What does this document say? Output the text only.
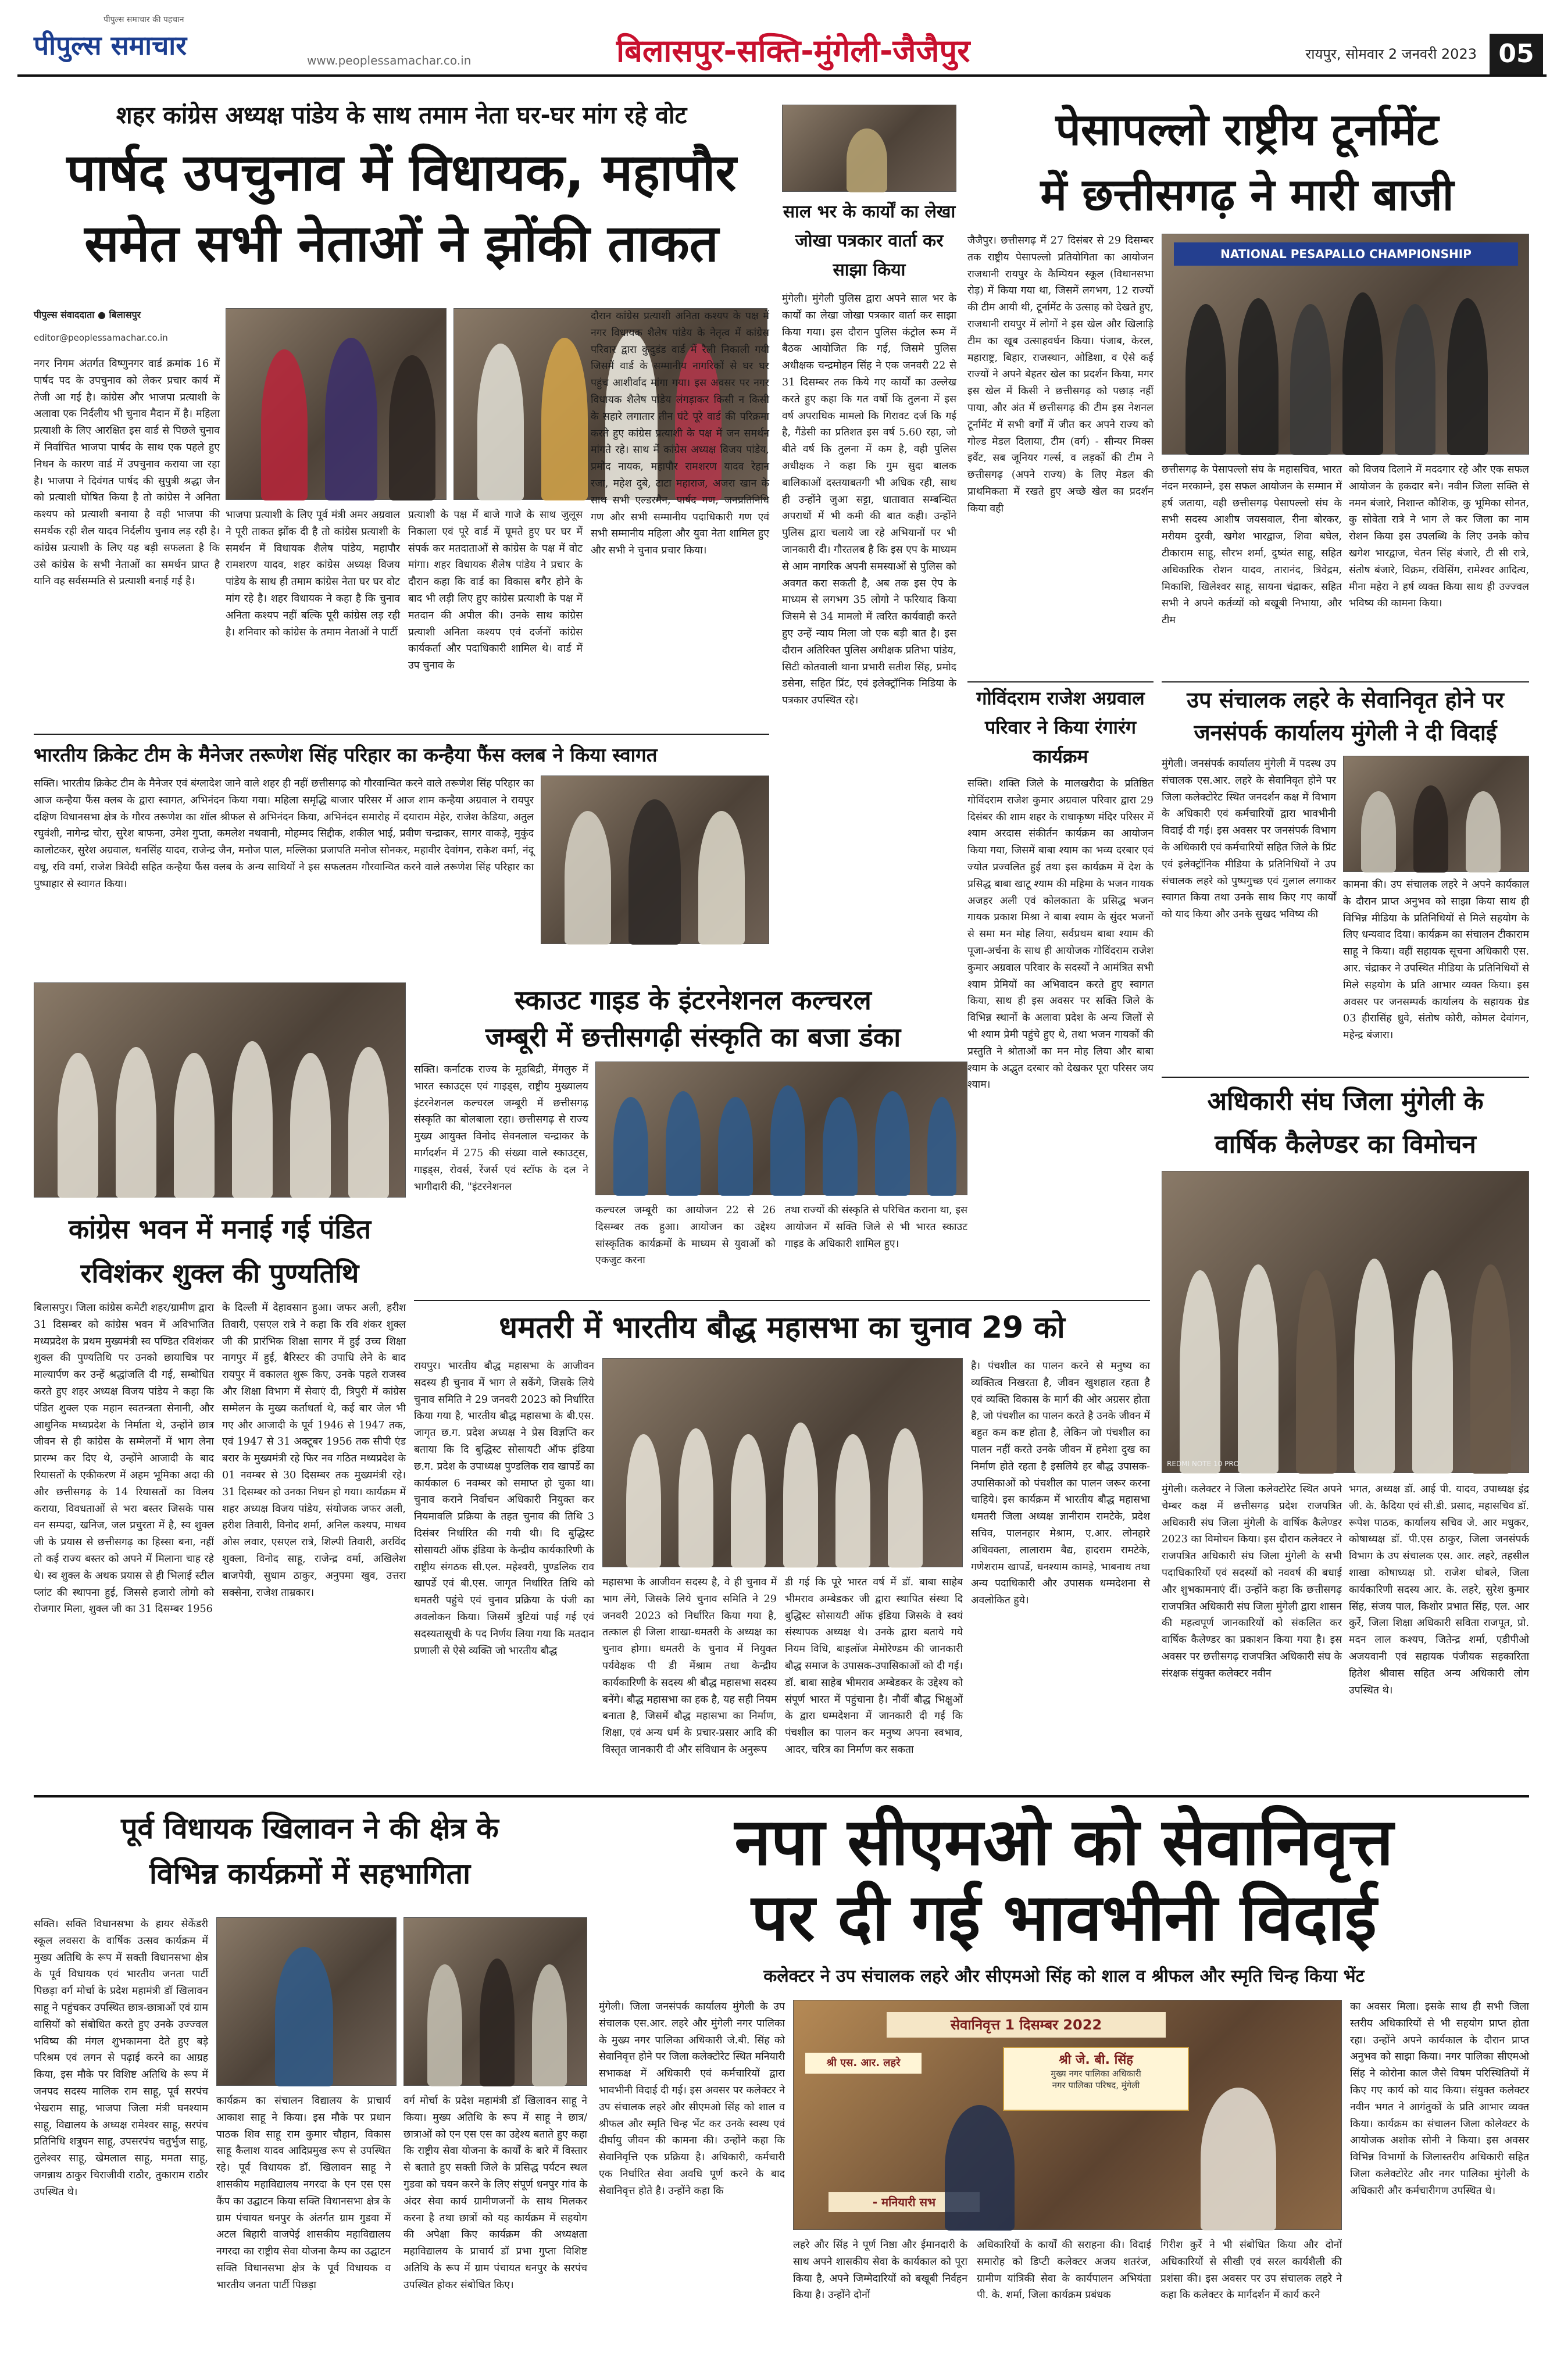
पीपुल्स समाचार
पीपुल्स समाचार की पहचान
www.peoplessamachar.co.in	बिलासपुर-सक्ति-मुंगेली-जैजैपुर	रायपुर, सोमवार 2 जनवरी 2023 05
शहर कांग्रेस अध्यक्ष पांडेय के साथ तमाम नेता घर-घर मांग रहे वोट
पार्षद उपचुनाव में विधायक, महापौर
समेत सभी नेताओं ने झोंकी ताकत
पीपुल्स संवाददाता ● बिलासपुर
editor@peoplessamachar.co.in
नगर निगम अंतर्गत विष्णुनगर वार्ड क्रमांक 16 में पार्षद पद के उपचुनाव को लेकर प्रचार कार्य में तेजी आ गई है। कांग्रेस और भाजपा प्रत्याशी के अलावा एक निर्दलीय भी चुनाव मैदान में है। महिला प्रत्याशी के लिए आरक्षित इस वार्ड से पिछले चुनाव में निर्वाचित भाजपा पार्षद के साथ एक पहले हुए निधन के कारण वार्ड में उपचुनाव कराया जा रहा है। भाजपा ने दिवंगत पार्षद की सुपुत्री श्रद्धा जैन को प्रत्याशी घोषित किया है तो कांग्रेस ने अनिता कश्यप को प्रत्याशी बनाया है वही भाजपा की समर्थक रही शैल यादव निर्दलीय चुनाव लड़ रही है। कांग्रेस प्रत्याशी के लिए यह बड़ी सफलता है कि उसे कांग्रेस के सभी नेताओं का समर्थन प्राप्त है यानि वह सर्वसम्मति से प्रत्याशी बनाई गई है।
भाजपा प्रत्याशी के लिए पूर्व मंत्री अमर अग्रवाल ने पूरी ताकत झोंक दी है तो कांग्रेस प्रत्याशी के समर्थन में विधायक शैलेष पांडेय, महापौर रामशरण यादव, शहर कांग्रेस अध्यक्ष विजय पांडेय के साथ ही तमाम कांग्रेस नेता घर घर वोट मांग रहे है। शहर विधायक ने कहा है कि चुनाव अनिता कश्यप नहीं बल्कि पूरी कांग्रेस लड़ रही है। शनिवार को कांग्रेस के तमाम नेताओं ने पार्टी
प्रत्याशी के पक्ष में बाजे गाजे के साथ जुलूस निकाला एवं पूरे वार्ड में घूमते हुए घर घर में संपर्क कर मतदाताओं से कांग्रेस के पक्ष में वोट मांगा। शहर विधायक शैलेष पांडेय ने प्रचार के दौरान कहा कि वार्ड का विकास बगैर होने के बाद भी लड़ी लिए हुए कांग्रेस प्रत्याशी के पक्ष में मतदान की अपील की। उनके साथ कांग्रेस प्रत्याशी अनिता कश्यप एवं दर्जनों कांग्रेस कार्यकर्ता और पदाधिकारी शामिल थे। वार्ड में उप चुनाव के
दौरान कांग्रेस प्रत्याशी अनिता कश्यप के पक्ष में नगर विधायक शैलेष पांडेय के नेतृत्व में कांग्रेस परिवार द्वारा कुदुडंड वार्ड में रैली निकाली गयी जिसमें वार्ड के सम्मानीय नागरिकों से घर घर पहुंच आशीर्वाद मांगा गया। इस अवसर पर नगर विधायक शैलेष पांडेय लंगड़ाकर किसी न किसी के सहारे लगातार तीन घंटे पूरे वार्ड की परिक्रमा करते हुए कांग्रेस प्रत्याशी के पक्ष में जन समर्थन मांगते रहे। साथ में कांग्रेस अध्यक्ष विजय पांडेय, प्रमोद नायक, महापौर रामशरण यादव रेहान रजा, महेश दुबे, टाटा महाराज, अजरा खान के साथ सभी एल्डरमैन, पार्षद गण, जनप्रतिनिधि गण और सभी सम्मानीय पदाधिकारी गण एवं सभी सम्मानीय महिला और युवा नेता शामिल हुए और सभी ने चुनाव प्रचार किया।
भारतीय क्रिकेट टीम के मैनेजर तरूणेश सिंह परिहार का कन्हैया फैंस क्लब ने किया स्वागत
सक्ति। भारतीय क्रिकेट टीम के मैनेजर एवं बंग्लादेश जाने वाले शहर ही नहीं छत्तीसगढ़ को गौरवान्वित करने वाले तरूणेश सिंह परिहार का आज कन्हैया फैंस क्लब के द्वारा स्वागत, अभिनंदन किया गया। महिला समृद्धि बाजार परिसर में आज शाम कन्हैया अग्रवाल ने रायपुर दक्षिण विधानसभा क्षेत्र के गौरव तरूणेश का शॉल श्रीफल से अभिनंदन किया, अभिनंदन समारोह में दयाराम मेहेर, राजेश केडिया, अतुल रघुवंशी, नागेन्द्र चोरा, सुरेश बाफना, उमेश गुप्ता, कमलेश नथवानी, मोहम्मद सिद्दीक, शकील भाई, प्रवीण चन्द्राकर, सागर वाकड़े, मुकुंद कालोटकर, सुरेश अग्रवाल, धनसिंह यादव, राजेन्द्र जैन, मनोज पाल, मल्लिका प्रजापति मनोज सोनकर, महावीर देवांगन, राकेश वर्मा, नंदू वधू, रवि वर्मा, राजेश त्रिवेदी सहित कन्हैया फैंस क्लब के अन्य साथियों ने इस सफलतम गौरवान्वित करने वाले तरूणेश सिंह परिहार का पुष्पाहार से स्वागत किया।
साल भर के कार्यों का लेखा जोखा पत्रकार वार्ता कर साझा किया
मुंगेली। मुंगेली पुलिस द्वारा अपने साल भर के कार्यों का लेखा जोखा पत्रकार वार्ता कर साझा किया गया। इस दौरान पुलिस कंट्रोल रूम में बैठक आयोजित कि गई, जिसमे पुलिस अधीक्षक चन्द्रमोहन सिंह ने एक जनवरी 22 से 31 दिसम्बर तक किये गए कार्यों का उल्लेख करते हुए कहा कि गत वर्षो कि तुलना में इस वर्ष अपराधिक मामलो कि गिरावट दर्ज कि गई है, गैंडेसी का प्रतिशत इस वर्ष 5.60 रहा, जो बीते वर्ष कि तुलना में कम है, वही पुलिस अधीक्षक ने कहा कि गुम सुदा बालक बालिकाओं दस्तयाबतगी भी अधिक रही, साथ ही उन्होंने जुआ सट्टा, धातावात सम्बन्धित अपराधों में भी कमी की बात कही। उन्होंने पुलिस द्वारा चलाये जा रहे अभियानों पर भी जानकारी दी। गौरतलब है कि इस एप के माध्यम से आम नागरिक अपनी समस्याओं से पुलिस को अवगत करा सकती है, अब तक इस ऐप के माध्यम से लगभग 35 लोगो ने फरियाद किया जिसमे से 34 मामलो में त्वरित कार्यवाही करते हुए उन्हें न्याय मिला जो एक बड़ी बात है। इस दौरान अतिरिक्त पुलिस अधीक्षक प्रतिभा पांडेय, सिटी कोतवाली थाना प्रभारी सतीश सिंह, प्रमोद डसेना, सहित प्रिंट, एवं इलेक्ट्रॉनिक मिडिया के पत्रकार उपस्थित रहे।
पेसापल्लो राष्ट्रीय टूर्नामेंट
में छत्तीसगढ़ ने मारी बाजी
जैजैपुर। छत्तीसगढ़ में 27 दिसंबर से 29 दिसम्बर तक राष्ट्रीय पेसापल्लो प्रतियोगिता का आयोजन राजधानी रायपुर के कैम्पियन स्कूल (विधानसभा रोड़) में किया गया था, जिसमें लगभग, 12 राज्यों की टीम आयी थी, टूर्नामेंट के उत्साह को देखते हुए, राजधानी रायपुर में लोगों ने इस खेल और खिलाड़ि टीम का खूब उत्साहवर्धन किया। पंजाब, केरल, महाराष्ट्र, बिहार, राजस्थान, ओडिशा, व ऐसे कई राज्यों ने अपने बेहतर खेल का प्रदर्शन किया, मगर इस खेल में किसी ने छत्तीसगढ़ को पछाड़ नहीं पाया, और अंत में छत्तीसगढ़ की टीम इस नेशनल टूर्नामेंट में सभी वर्गों में जीत कर अपने राज्य को गोल्ड मेडल दिलाया, टीम (वर्ग) - सीन्यर मिक्स इवेंट, सब जूनियर गर्ल्स, व लड़कों की टीम ने छत्तीसगढ़ (अपने राज्य) के लिए मेडल की प्राथमिकता में रखते हुए अच्छे खेल का प्रदर्शन किया वही
NATIONAL PESAPALLO CHAMPIONSHIP
छत्तीसगढ़ के पेसापल्लो संघ के महासचिव, भारत नंदन मरकाम्ने, इस सफल आयोजन के सम्मान में हर्ष जताया, वही छत्तीसगढ़ पेसापल्लो संघ के सभी सदस्य आशीष जयसवाल, रीना बोरकर, मरीयम दुरवी, खगेश भारद्वाज, शिवा बघेल, टीकाराम साहू, सौरभ शर्मा, दुष्यंत साहू, सहित अधिकारिक रोशन यादव, तारानंद, त्रिवेद्रम, मिकाशि, खिलेश्वर साहू, सायना चंद्राकर, सहित सभी ने अपने कर्तव्यों को बखूबी निभाया, और टीम
को विजय दिलाने में मददगार रहे और एक सफल आयोजन के हकदार बने। नवीन जिला सक्ति से नमन बंजारे, निशान्त कौशिक, कु भूमिका सोनत, कु सोवेता रात्रे ने भाग ले कर जिला का नाम रोशन किया इस उपलब्धि के लिए उनके कोच खगेश भारद्वाज, चेतन सिंह बंजारे, टी सी रात्रे, संतोष बंजारे, विक्रम, रविसिंग, रामेश्वर आदित्य, मीना महेरा ने हर्ष व्यक्त किया साथ ही उज्ज्वल भविष्य की कामना किया।
गोविंदराम राजेश अग्रवाल परिवार ने किया रंगारंग कार्यक्रम
सक्ति। शक्ति जिले के मालखरौदा के प्रतिष्ठित गोविंदराम राजेश कुमार अग्रवाल परिवार द्वारा 29 दिसंबर की शाम शहर के राधाकृष्ण मंदिर परिसर में श्याम अरदास संकीर्तन कार्यक्रम का आयोजन किया गया, जिसमें बाबा श्याम का भव्य दरबार एवं ज्योत प्रज्वलित हुई तथा इस कार्यक्रम में देश के प्रसिद्ध बाबा खाटू श्याम की महिमा के भजन गायक अजहर अली एवं कोलकाता के प्रसिद्ध भजन गायक प्रकाश मिश्रा ने बाबा श्याम के सुंदर भजनों से समा मन मोह लिया, सर्वप्रथम बाबा श्याम की पूजा-अर्चना के साथ ही आयोजक गोविंदराम राजेश कुमार अग्रवाल परिवार के सदस्यों ने आमंत्रित सभी श्याम प्रेमियों का अभिवादन करते हुए स्वागत किया, साथ ही इस अवसर पर सक्ति जिले के विभिन्न स्थानों के अलावा प्रदेश के अन्य जिलों से भी श्याम प्रेमी पहुंचे हुए थे, तथा भजन गायकों की प्रस्तुति ने श्रोताओं का मन मोह लिया और बाबा श्याम के अद्भुत दरबार को देखकर पूरा परिसर जय श्याम।
उप संचालक लहरे के सेवानिवृत होने पर
जनसंपर्क कार्यालय मुंगेली ने दी विदाई
मुंगेली। जनसंपर्क कार्यालय मुंगेली में पदस्थ उप संचालक एस.आर. लहरे के सेवानिवृत होने पर जिला कलेक्टोरेट स्थित जनदर्शन कक्ष में विभाग के अधिकारी एवं कर्मचारियों द्वारा भावभीनी विदाई दी गई। इस अवसर पर जनसंपर्क विभाग के अधिकारी एवं कर्मचारियों सहित जिले के प्रिंट एवं इलेक्ट्रॉनिक मीडिया के प्रतिनिधियों ने उप संचालक लहरे को पुष्पगुच्छ एवं गुलाल लगाकर स्वागत किया तथा उनके साथ किए गए कार्यों को याद किया और उनके सुखद भविष्य की
कामना की। उप संचालक लहरे ने अपने कार्यकाल के दौरान प्राप्त अनुभव को साझा किया साथ ही विभिन्न मीडिया के प्रतिनिधियों से मिले सहयोग के लिए धन्यवाद दिया। कार्यक्रम का संचालन टीकाराम साहू ने किया। वहीं सहायक सूचना अधिकारी एस. आर. चंद्राकर ने उपस्थित मीडिया के प्रतिनिधियों से मिले सहयोग के प्रति आभार व्यक्त किया। इस अवसर पर जनसम्पर्क कार्यालय के सहायक ग्रेड 03 हीरासिंह ध्रुवे, संतोष कोरी, कोमल देवांगन, महेन्द्र बंजारा।
स्काउट गाइड के इंटरनेशनल कल्चरल
जम्बूरी में छत्तीसगढ़ी संस्कृति का बजा डंका
सक्ति। कर्नाटक राज्य के मूडबिद्री, मेंगलुरु में भारत स्काउट्स एवं गाइड्स, राष्ट्रीय मुख्यालय इंटरनेशनल कल्चरल जम्बूरी में छत्तीसगढ़ संस्कृति का बोलबाला रहा। छत्तीसगढ़ से राज्य मुख्य आयुक्त विनोद सेवनलाल चन्द्राकर के मार्गदर्शन में 275 की संख्या वाले स्काउट्स, गाइड्स, रोवर्स, रेंजर्स एवं स्टॉफ के दल ने भागीदारी की, "इंटरनेशनल
कल्चरल जम्बूरी का आयोजन 22 से 26 दिसम्बर तक हुआ। आयोजन का उद्देश्य सांस्कृतिक कार्यक्रमों के माध्यम से युवाओं को एकजुट करना
तथा राज्यों की संस्कृति से परिचित कराना था, इस आयोजन में सक्ति जिले से भी भारत स्काउट गाइड के अधिकारी शामिल हुए।
कांग्रेस भवन में मनाई गई पंडित
रविशंकर शुक्ल की पुण्यतिथि
बिलासपुर। जिला कांग्रेस कमेटी शहर/ग्रामीण द्वारा 31 दिसम्बर को कांग्रेस भवन में अविभाजित मध्यप्रदेश के प्रथम मुख्यमंत्री स्व पण्डित रविशंकर शुक्ल की पुण्यतिथि पर उनको छायाचित्र पर माल्यार्पण कर उन्हें श्रद्धांजलि दी गई, सम्बोधित करते हुए शहर अध्यक्ष विजय पांडेय ने कहा कि पंडित शुक्ल एक महान स्वतन्त्रता सेनानी, और आधुनिक मध्यप्रदेश के निर्माता थे, उन्होंने छात्र जीवन से ही कांग्रेस के सम्मेलनों में भाग लेना प्रारम्भ कर दिए थे, उन्होंने आजादी के बाद रियासतों के एकीकरण में अहम भूमिका अदा की और छत्तीसगढ़ के 14 रियासतों का विलय कराया, विवधताओं से भरा बस्तर जिसके पास वन सम्पदा, खनिज, जल प्रचुरता में है, स्व शुक्ल जी के प्रयास से छत्तीसगढ़ का हिस्सा बना, नहीं तो कई राज्य बस्तर को अपने में मिलाना चाह रहे थे। स्व शुक्ल के अथक प्रयास से ही भिलाई स्टील प्लांट की स्थापना हुई, जिससे हजारो लोगो को रोजगार मिला, शुक्ल जी का 31 दिसम्बर 1956
के दिल्ली में देहावसान हुआ। जफर अली, हरीश तिवारी, एसएल रात्रे ने कहा कि रवि शंकर शुक्ल जी की प्रारंभिक शिक्षा सागर में हुई उच्च शिक्षा नागपुर में हुई, बैरिस्टर की उपाधि लेने के बाद रायपुर में वकालत शुरू किए, उनके पहले राजस्व और शिक्षा विभाग में सेवाएं दी, त्रिपुरी में कांग्रेस सम्मेलन के मुख्य कर्ताधर्ता थे, कई बार जेल भी गए और आजादी के पूर्व 1946 से 1947 तक, एवं 1947 से 31 अक्टूबर 1956 तक सीपी एंड बरार के मुख्यमंत्री रहे फिर नव गठित मध्यप्रदेश के 01 नवम्बर से 30 दिसम्बर तक मुख्यमंत्री रहे। 31 दिसम्बर को उनका निधन हो गया। कार्यक्रम में शहर अध्यक्ष विजय पांडेय, संयोजक जफर अली, हरीश तिवारी, विनोद शर्मा, अनिल कश्यप, माधव ओस लवार, एसएल रात्रे, शिल्पी तिवारी, अरविंद शुक्ला, विनोद साहू, राजेन्द्र वर्मा, अखिलेश बाजपेयी, सुधाम ठाकुर, अनुपमा खुव, उत्तरा सक्सेना, राजेश ताम्रकार।
धमतरी में भारतीय बौद्ध महासभा का चुनाव 29 को
रायपुर। भारतीय बौद्ध महासभा के आजीवन सदस्य ही चुनाव में भाग ले सकेंगे, जिसके लिये चुनाव समिति ने 29 जनवरी 2023 को निर्धारित किया गया है, भारतीय बौद्ध महासभा के बी.एस. जागृत छ.ग. प्रदेश अध्यक्ष ने प्रेस विज्ञप्ति कर बताया कि दि बुद्धिस्ट सोसायटी ऑफ इंडिया छ.ग. प्रदेश के उपाध्यक्ष पुण्डलिक राव खापर्डे का कार्यकाल 6 नवम्बर को समाप्त हो चुका था। चुनाव कराने निर्वाचन अधिकारी नियुक्त कर नियमावलि प्रक्रिया के तहत चुनाव की तिथि 3 दिसंबर निर्धारित की गयी थी। दि बुद्धिस्ट सोसायटी ऑफ इंडिया के केन्द्रीय कार्यकारिणी के राष्ट्रीय संगठक सी.एल. महेश्वरी, पुण्डलिक राव खापर्डे एवं बी.एस. जागृत निर्धारित तिथि को धमतरी पहुंचे एवं चुनाव प्रक्रिया के पंजी का अवलोकन किया। जिसमें त्रुटियां पाई गई एवं सदस्यतासूची के पद निर्णय लिया गया कि मतदान प्रणाली से ऐसे व्यक्ति जो भारतीय बौद्ध
महासभा के आजीवन सदस्य है, वे ही चुनाव में भाग लेंगे, जिसके लिये चुनाव समिति ने 29 जनवरी 2023 को निर्धारित किया गया है, तत्काल ही जिला शाखा-धमतरी के अध्यक्ष का चुनाव होगा। धमतरी के चुनाव में नियुक्त पर्यवेक्षक पी डी मेंश्राम तथा केन्द्रीय कार्यकारिणी के सदस्य श्री बौद्ध महासभा सदस्य बनेंगे। बौद्ध महासभा का हक है, यह सही नियम बनाता है, जिसमें बौद्ध महासभा का निर्माण, शिक्षा, एवं अन्य धर्म के प्रचार-प्रसार आदि की विस्तृत जानकारी दी और संविधान के अनुरूप
डी गई कि पूरे भारत वर्ष में डॉ. बाबा साहेब भीमराव अम्बेडकर जी द्वारा स्थापित संस्था दि बुद्धिस्ट सोसायटी ऑफ इंडिया जिसके वे स्वयं संस्थापक अध्यक्ष थे। उनके द्वारा बताये गये नियम विधि, बाइलॉज मेमोरेण्डम की जानकारी बौद्ध समाज के उपासक-उपासिकाओं को दी गई। डॉ. बाबा साहेब भीमराव अम्बेडकर के उद्देश्य को संपूर्ण भारत में पहुंचाना है। नौवीं बौद्ध भिक्षुओं के द्वारा धम्मदेशना में जानकारी दी गई कि पंचशील का पालन कर मनुष्य अपना स्वभाव, आदर, चरित्र का निर्माण कर सकता
है। पंचशील का पालन करने से मनुष्य का व्यक्तित्व निखरता है, जीवन खुशहाल रहता है एवं व्यक्ति विकास के मार्ग की ओर अग्रसर होता है, जो पंचशील का पालन करते है उनके जीवन में बहुत कम कष्ट होता है, लेकिन जो पंचशील का पालन नहीं करते उनके जीवन में हमेशा दुख का निर्माण होते रहता है इसलिये हर बौद्ध उपासक-उपासिकाओं को पंचशील का पालन जरूर करना चाहिये। इस कार्यक्रम में भारतीय बौद्ध महासभा धमतरी जिला अध्यक्ष ज्ञानीराम रामटेके, प्रदेश सचिव, पालनहार मेश्राम, ए.आर. लोनहारे अधिवक्ता, लालाराम बैद्य, हादराम रामटेके, गणेशराम खापर्डे, धनश्याम कामड़े, भाबनाथ तथा अन्य पदाधिकारी और उपासक धम्मदेशना से अवलोकित हुये।
अधिकारी संघ जिला मुंगेली के
वार्षिक कैलेण्डर का विमोचन
REDMI NOTE 10 PRO
मुंगेली। कलेक्टर ने जिला कलेक्टोरेट स्थित अपने चेम्बर कक्ष में छत्तीसगढ़ प्रदेश राजपत्रित अधिकारी संघ जिला मुंगेली के वार्षिक कैलेण्डर 2023 का विमोचन किया। इस दौरान कलेक्टर ने राजपत्रित अधिकारी संघ जिला मुंगेली के सभी पदाधिकारियों एवं सदस्यों को नववर्ष की बधाई और शुभकामनाएं दीं। उन्होंने कहा कि छत्तीसगढ़ राजपत्रित अधिकारी संघ जिला मुंगेली द्वारा शासन की महत्वपूर्ण जानकारियों को संकलित कर वार्षिक कैलेण्डर का प्रकाशन किया गया है। इस अवसर पर छत्तीसगढ़ राजपत्रित अधिकारी संघ के संरक्षक संयुक्त कलेक्टर नवीन
भगत, अध्यक्ष डॉ. आई पी. यादव, उपाध्यक्ष इंद्र जी. के. कैदिया एवं सी.डी. प्रसाद, महासचिव डॉ. रूपेश पाठक, कार्यालय सचिव जे. आर मधुकर, कोषाध्यक्ष डॉ. पी.एस ठाकुर, जिला जनसंपर्क विभाग के उप संचालक एस. आर. लहरे, तहसील शाखा कोषाध्यक्ष प्रो. राजेश धोबले, जिला कार्यकारिणी सदस्य आर. के. लहरे, सुरेश कुमार सिंह, संजय पाल, किशोर प्रभात सिंह, एल. आर कुर्रे, जिला शिक्षा अधिकारी सविता राजपूत, प्रो. मदन लाल कश्यप, जितेन्द्र शर्मा, एडीपीओ अजयवानी एवं सहायक पंजीयक सहकारिता हितेश श्रीवास सहित अन्य अधिकारी लोग उपस्थित थे।
पूर्व विधायक खिलावन ने की क्षेत्र के
विभिन्न कार्यक्रमों में सहभागिता
सक्ति। सक्ति विधानसभा के हायर सेकेंडरी स्कूल लवसरा के वार्षिक उत्सव कार्यक्रम में मुख्य अतिथि के रूप में सक्ती विधानसभा क्षेत्र के पूर्व विधायक एवं भारतीय जनता पार्टी पिछड़ा वर्ग मोर्चा के प्रदेश महामंत्री डॉ खिलावन साहू ने पहुंचकर उपस्थित छात्र-छात्राओं एवं ग्राम वासियों को संबोधित करते हुए उनके उज्ज्वल भविष्य की मंगल शुभकामना देते हुए बड़े परिश्रम एवं लगन से पढ़ाई करने का आग्रह किया, इस मौके पर विशिष्ट अतिथि के रूप में जनपद सदस्य मालिक राम साहू, पूर्व सरपंच भेखराम साहू, भाजपा जिला मंत्री घनश्याम साहू, विद्यालय के अध्यक्ष रामेश्वर साहू, सरपंच प्रतिनिधि शत्रुघन साहू, उपसरपंच चतुर्भुज साहू, तुलेश्वर साहू, खेमलाल साहू, ममता साहू, जगन्नाथ ठाकुर चिराजीवी राठौर, तुकाराम राठौर उपस्थित थे।
कार्यक्रम का संचालन विद्यालय के प्राचार्य आकाश साहू ने किया। इस मौके पर प्रधान पाठक शिव साहू राम कुमार चौहान, विकास साहू कैलाश यादव आदिप्रमुख रूप से उपस्थित रहे। पूर्व विधायक डॉ. खिलावन साहू ने शासकीय महाविद्यालय नगरदा के एन एस एस कैंप का उद्घाटन किया सक्ति विधानसभा क्षेत्र के ग्राम पंचायत धनपुर के अंतर्गत ग्राम गुडवा में अटल बिहारी वाजपेई शासकीय महाविद्यालय नगरदा का राष्ट्रीय सेवा योजना कैम्प का उद्घाटन सक्ति विधानसभा क्षेत्र के पूर्व विधायक व भारतीय जनता पार्टी पिछड़ा
वर्ग मोर्चा के प्रदेश महामंत्री डॉ खिलावन साहू ने किया। मुख्य अतिथि के रूप में साहू ने छात्र/छात्राओं को एन एस एस का उद्देश्य बताते हुए कहा कि राष्ट्रीय सेवा योजना के कार्यों के बारे में विस्तार से बताते हुए सक्ती जिले के प्रसिद्ध पर्यटन स्थल गुडवा को चयन करने के लिए संपूर्ण धनपुर गांव के अंदर सेवा कार्य ग्रामीणजनों के साथ मिलकर करना है तथा छात्रों को यह कार्यक्रम में सहयोग की अपेक्षा किए कार्यक्रम की अध्यक्षता महाविद्यालय के प्राचार्य डॉ प्रभा गुप्ता विशिष्ट अतिथि के रूप में ग्राम पंचायत धनपुर के सरपंच उपस्थित होकर संबोधित किए।
नपा सीएमओ को सेवानिवृत्त
पर दी गई भावभीनी विदाई
कलेक्टर ने उप संचालक लहरे और सीएमओ सिंह को शाल व श्रीफल और स्मृति चिन्ह किया भेंट
मुंगेली। जिला जनसंपर्क कार्यालय मुंगेली के उप संचालक एस.आर. लहरे और मुंगेली नगर पालिका के मुख्य नगर पालिका अधिकारी जे.बी. सिंह को सेवानिवृत्त होने पर जिला कलेक्टोरेट स्थित मनियारी सभाकक्ष में अधिकारी एवं कर्मचारियों द्वारा भावभीनी विदाई दी गई। इस अवसर पर कलेक्टर ने उप संचालक लहरे और सीएमओ सिंह को शाल व श्रीफल और स्मृति चिन्ह भेंट कर उनके स्वस्थ एवं दीर्घायु जीवन की कामना की। उन्होंने कहा कि सेवानिवृत्ति एक प्रक्रिया है। अधिकारी, कर्मचारी एक निर्धारित सेवा अवधि पूर्ण करने के बाद सेवानिवृत्त होते है। उन्होंने कहा कि
सेवानिवृत्त 1 दिसम्बर 2022
श्री जे. बी. सिंह
मुख्य नगर पालिका अधिकारी
नगर पालिका परिषद, मुंगेली
श्री एस. आर. लहरे
- मनियारी सभ
लहरे और सिंह ने पूर्ण निष्ठा और ईमानदारी के साथ अपने शासकीय सेवा के कार्यकाल को पूरा किया है, अपने जिम्मेदारियों को बखूबी निर्वहन किया है। उन्होंने दोनों
अधिकारियों के कार्यों की सराहना की। विदाई समारोह को डिप्टी कलेक्टर अजय शतरंज, ग्रामीण यांत्रिकी सेवा के कार्यपालन अभियंता पी. के. शर्मा, जिला कार्यक्रम प्रबंधक
गिरीश कुर्रे ने भी संबोधित किया और दोनों अधिकारियों से सीखी एवं सरल कार्यशैली की प्रशंसा की। इस अवसर पर उप संचालक लहरे ने कहा कि कलेक्टर के मार्गदर्शन में कार्य करने
का अवसर मिला। इसके साथ ही सभी जिला स्तरीय अधिकारियों से भी सहयोग प्राप्त होता रहा। उन्होंने अपने कार्यकाल के दौरान प्राप्त अनुभव को साझा किया। नगर पालिका सीएमओ सिंह ने कोरोना काल जैसे विषम परिस्थितियों में किए गए कार्य को याद किया। संयुक्त कलेक्टर नवीन भगत ने आगंतुकों के प्रति आभार व्यक्त किया। कार्यक्रम का संचालन जिला कोलेक्टर के आयोजक अशोक सोनी ने किया। इस अवसर विभिन्न विभागों के जिलास्तरीय अधिकारी सहित जिला कलेक्टोरेट और नगर पालिका मुंगेली के अधिकारी और कर्मचारीगण उपस्थित थे।
